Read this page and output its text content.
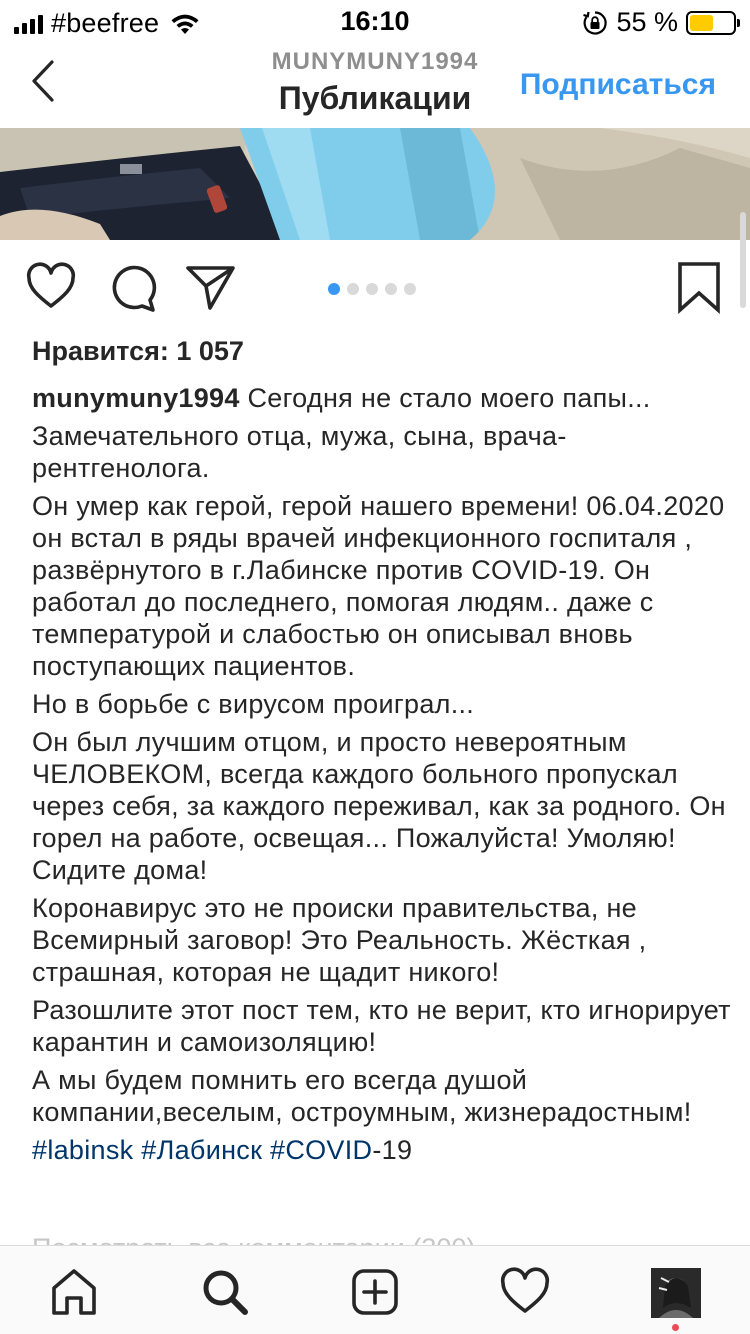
#beefree	16:10	55 %
MUNYMUNY1994
Публикации	Подписаться
Нравится: 1 057

munymuny1994 Сегодня не стало моего папы...

Замечательного отца, мужа, сына, врача-рентгенолога.

Он умер как герой, герой нашего времени! 06.04.2020 он встал в ряды врачей инфекционного госпиталя , развёрнутого в г.Лабинске против COVID-19. Он работал до последнего, помогая людям.. даже с температурой и слабостью он описывал вновь поступающих пациентов.

Но в борьбе с вирусом проиграл...

Он был лучшим отцом, и просто невероятным ЧЕЛОВЕКОМ, всегда каждого больного пропускал через себя, за каждого переживал, как за родного. Он горел на работе, освещая... Пожалуйста! Умоляю! Сидите дома!

Коронавирус это не происки правительства, не Всемирный заговор! Это Реальность. Жёсткая , страшная, которая не щадит никого!

Разошлите этот пост тем, кто не верит, кто игнорирует карантин и самоизоляцию!

А мы будем помнить его всегда душой компании,веселым, остроумным, жизнерадостным!

#labinsk #Лабинск #COVID-19
